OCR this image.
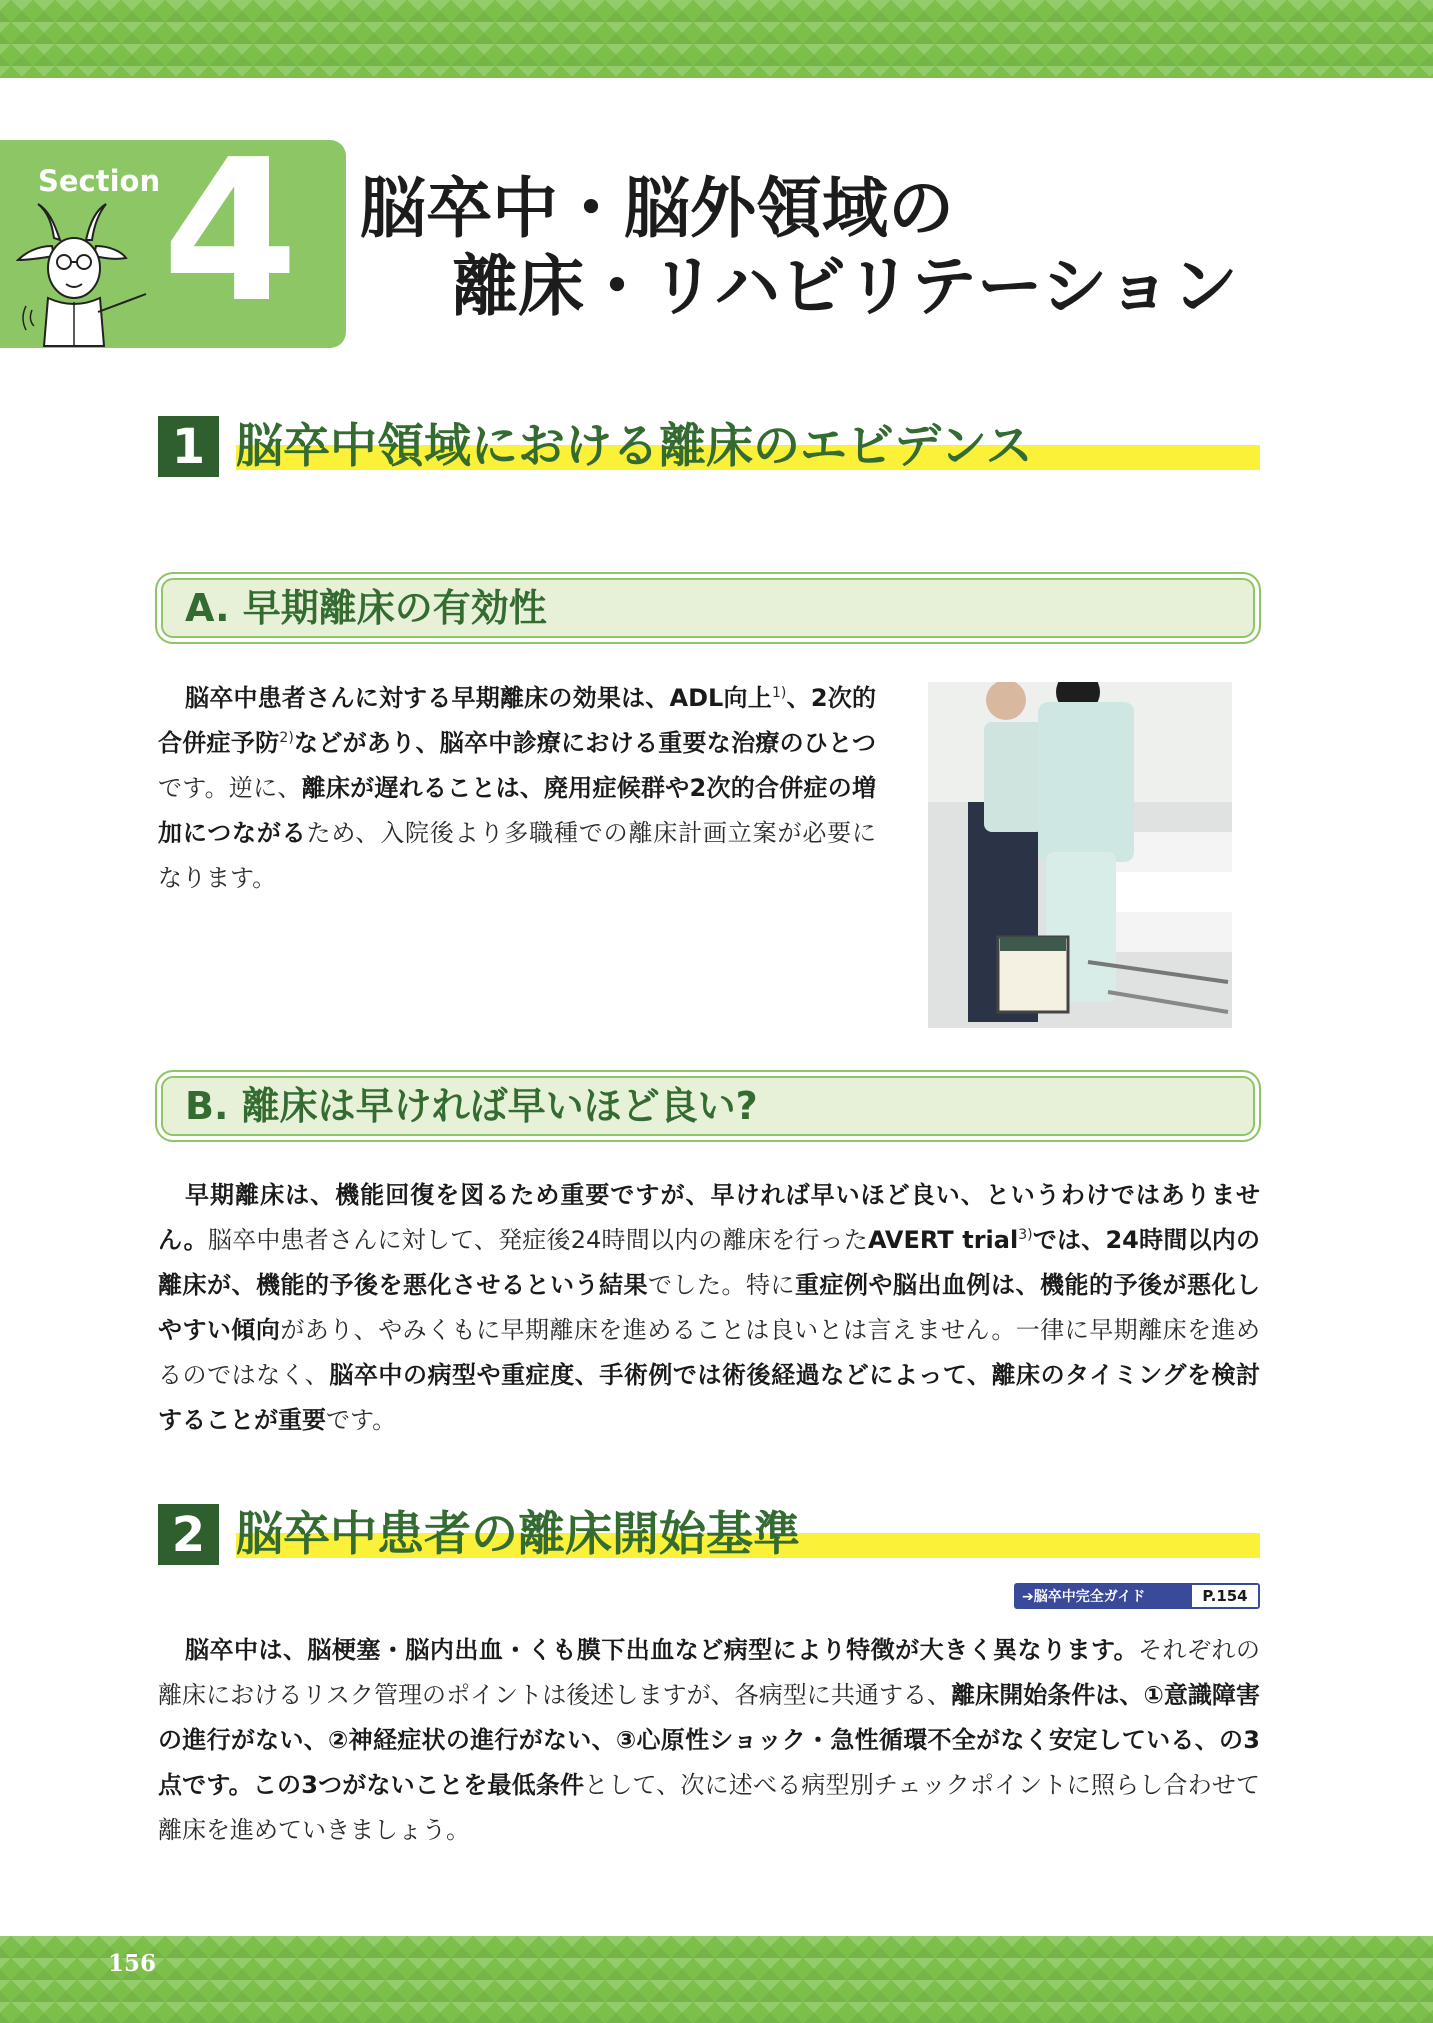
Section 4 脳卒中・脳外領域の
離床・リハビリテーション
1 脳卒中領域における離床のエビデンス
A. 早期離床の有効性

脳卒中患者さんに対する早期離床の効果は、ADL向上$^{1)}$、2次的合併症予防$^{2)}$などがあり、脳卒中診療における重要な治療のひとつです。逆に、離床が遅れることは、廃用症候群や2次的合併症の増加につながるため、入院後より多職種での離床計画立案が必要になります。

B. 離床は早ければ早いほど良い?

早期離床は、機能回復を図るため重要ですが、早ければ早いほど良い、というわけではありません。脳卒中患者さんに対して、発症後24時間以内の離床を行ったAVERT trial$^{3)}$では、24時間以内の離床が、機能的予後を悪化させるという結果でした。特に重症例や脳出血例は、機能的予後が悪化しやすい傾向があり、やみくもに早期離床を進めることは良いとは言えません。一律に早期離床を進めるのではなく、脳卒中の病型や重症度、手術例では術後経過などによって、離床のタイミングを検討することが重要です。

2 脳卒中患者の離床開始基準
➔脳卒中完全ガイド	P.154

脳卒中は、脳梗塞・脳内出血・くも膜下出血など病型により特徴が大きく異なります。それぞれの離床におけるリスク管理のポイントは後述しますが、各病型に共通する、離床開始条件は、①意識障害の進行がない、②神経症状の進行がない、③心原性ショック・急性循環不全がなく安定している、の3点です。この3つがないことを最低条件として、次に述べる病型別チェックポイントに照らし合わせて離床を進めていきましょう。

156
